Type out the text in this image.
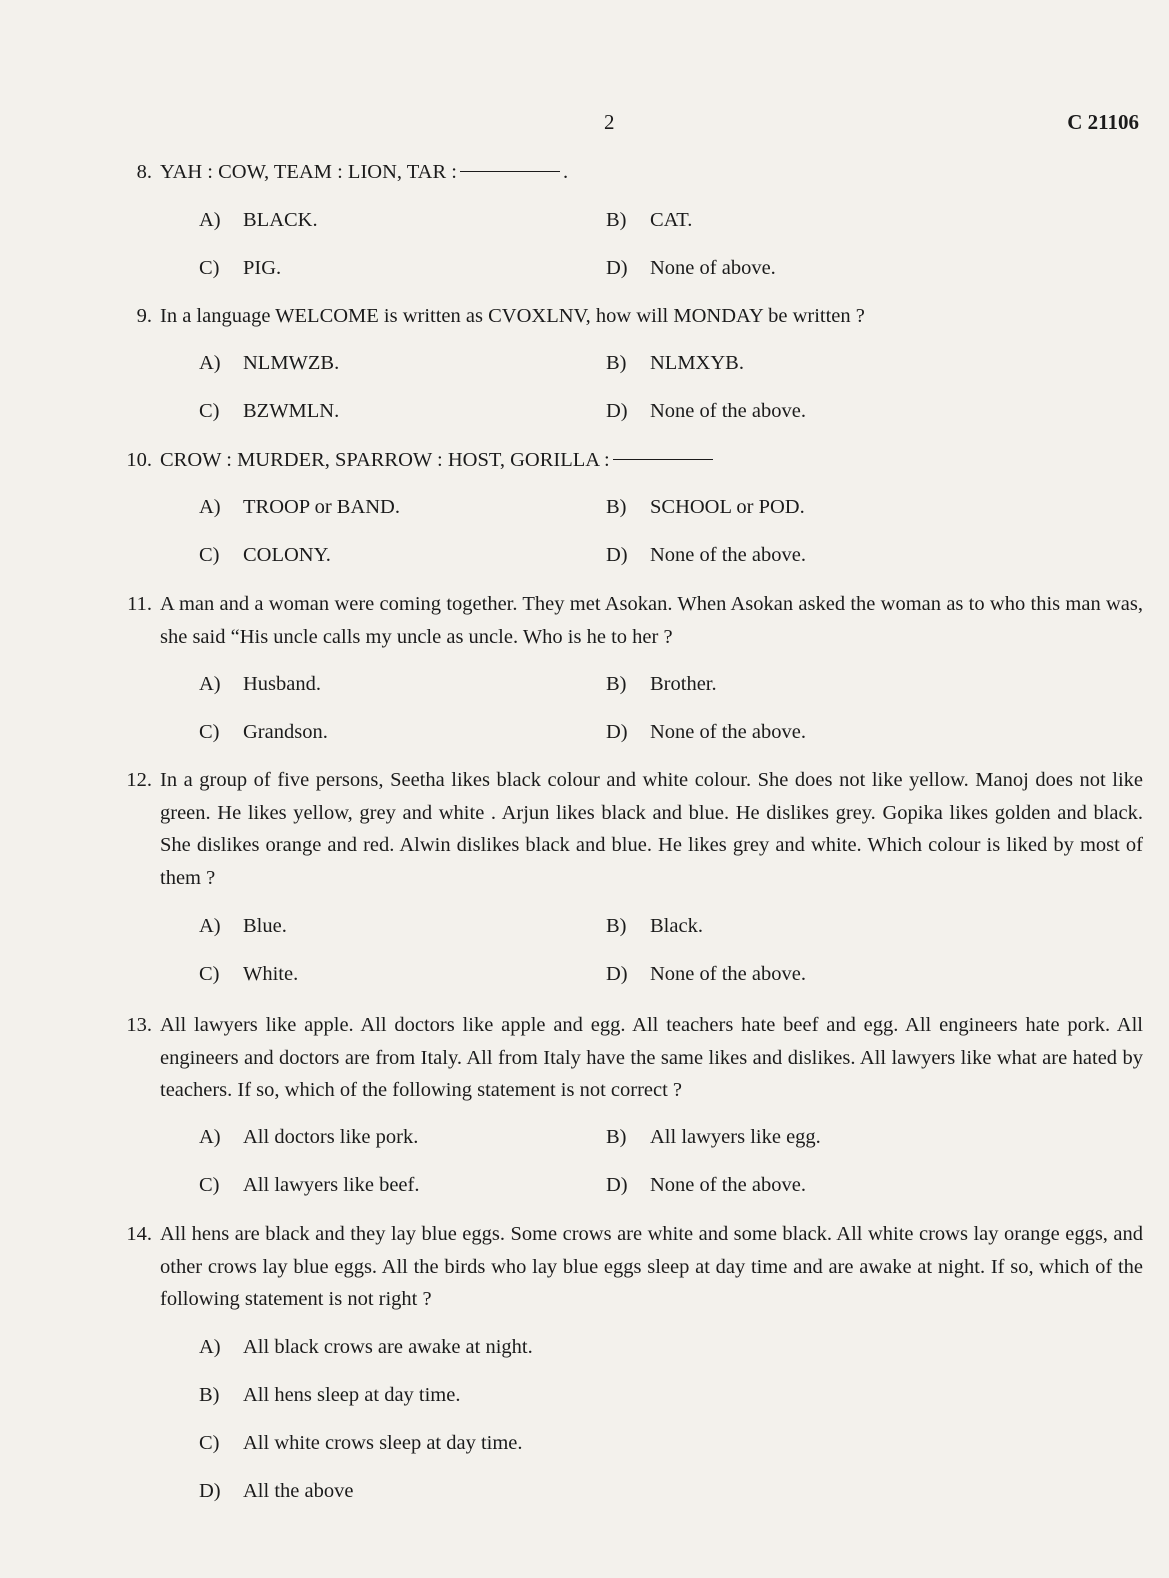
2	C 21106
8. YAH : COW, TEAM : LION, TAR :	.
A) BLACK.	B) CAT.
C) PIG.	D) None of above.
9. In a language WELCOME is written as CVOXLNV, how will MONDAY be written ?
A) NLMWZB.	B) NLMXYB.
C) BZWMLN.	D) None of the above.
10. CROW : MURDER, SPARROW : HOST, GORILLA :
A) TROOP or BAND.	B) SCHOOL or POD.
C) COLONY.	D) None of the above.
11. A man and a woman were coming together. They met Asokan. When Asokan asked the woman as to who this man was, she said “His uncle calls my uncle as uncle. Who is he to her ?
A) Husband.	B) Brother.
C) Grandson.	D) None of the above.
12. In a group of five persons, Seetha likes black colour and white colour. She does not like yellow. Manoj does not like green. He likes yellow, grey and white . Arjun likes black and blue. He dislikes grey. Gopika likes golden and black. She dislikes orange and red. Alwin dislikes black and blue. He likes grey and white. Which colour is liked by most of them ?
A) Blue.	B) Black.
C) White.	D) None of the above.
13. All lawyers like apple. All doctors like apple and egg. All teachers hate beef and egg. All engineers hate pork. All engineers and doctors are from Italy. All from Italy have the same likes and dislikes. All lawyers like what are hated by teachers. If so, which of the following statement is not correct ?
A) All doctors like pork.	B) All lawyers like egg.
C) All lawyers like beef.	D) None of the above.
14. All hens are black and they lay blue eggs. Some crows are white and some black. All white crows lay orange eggs, and other crows lay blue eggs. All the birds who lay blue eggs sleep at day time and are awake at night. If so, which of the following statement is not right ?
A) All black crows are awake at night.
B) All hens sleep at day time.
C) All white crows sleep at day time.
D) All the above
